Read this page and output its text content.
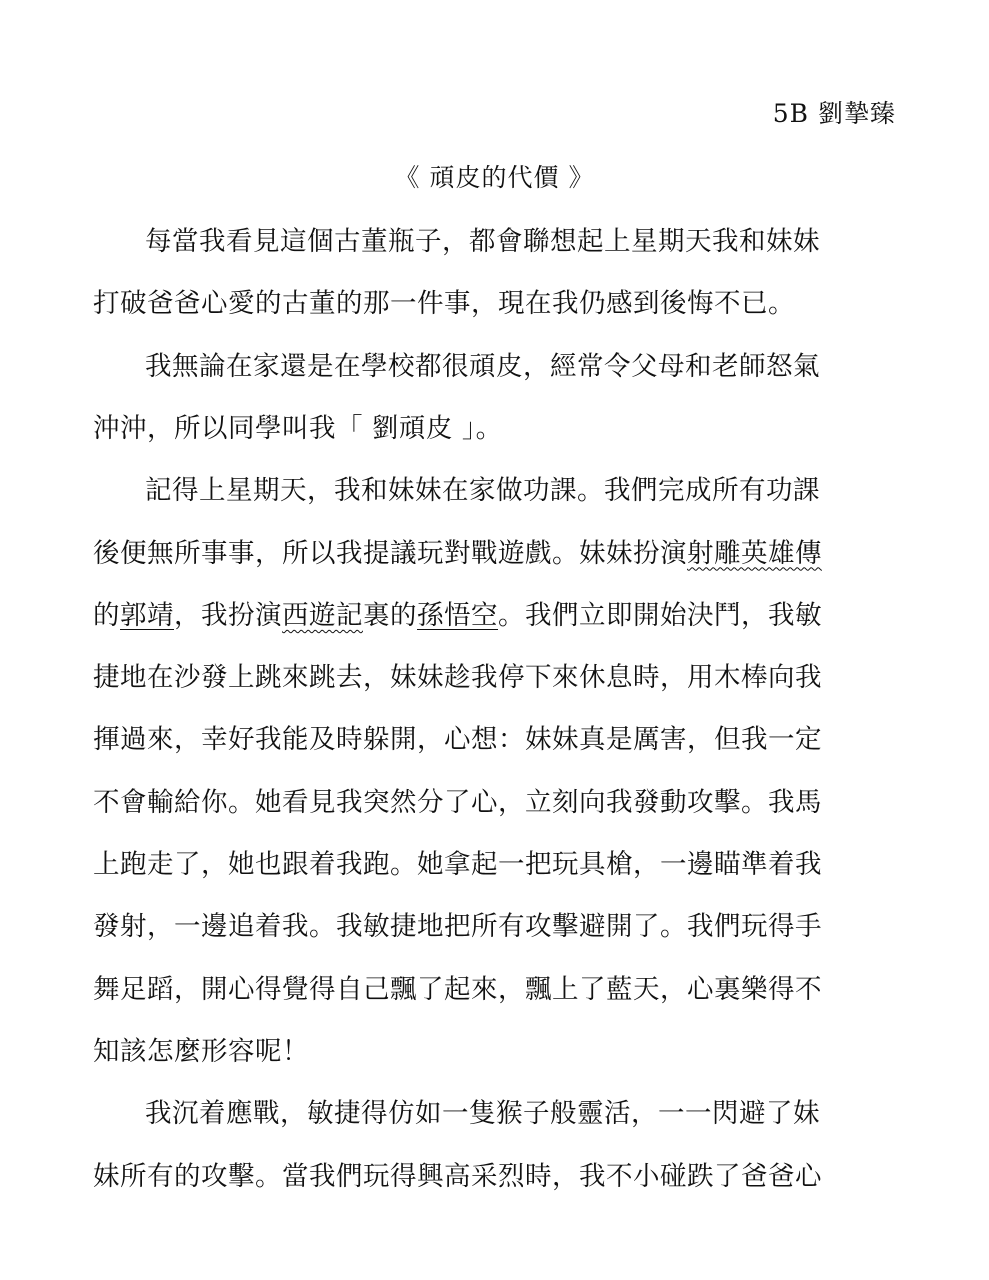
5B 劉摯臻
《 頑皮的代價 》
每當我看見這個古董瓶子，都會聯想起上星期天我和妹妹
打破爸爸心愛的古董的那一件事，現在我仍感到後悔不已。
我無論在家還是在學校都很頑皮，經常令父母和老師怒氣
沖沖，所以同學叫我「 劉頑皮 」。
記得上星期天，我和妹妹在家做功課。我們完成所有功課
後便無所事事，所以我提議玩對戰遊戲。妹妹扮演射雕英雄傳
的郭靖，我扮演西遊記裏的孫悟空。我們立即開始決鬥，我敏
捷地在沙發上跳來跳去，妹妹趁我停下來休息時，用木棒向我
揮過來，幸好我能及時躲開，心想：妹妹真是厲害，但我一定
不會輸給你。她看見我突然分了心，立刻向我發動攻擊。我馬
上跑走了，她也跟着我跑。她拿起一把玩具槍，一邊瞄準着我
發射，一邊追着我。我敏捷地把所有攻擊避開了。我們玩得手
舞足蹈，開心得覺得自己飄了起來，飄上了藍天，心裏樂得不
知該怎麼形容呢！
我沉着應戰，敏捷得仿如一隻猴子般靈活，一一閃避了妹
妹所有的攻擊。當我們玩得興高采烈時，我不小碰跌了爸爸心
